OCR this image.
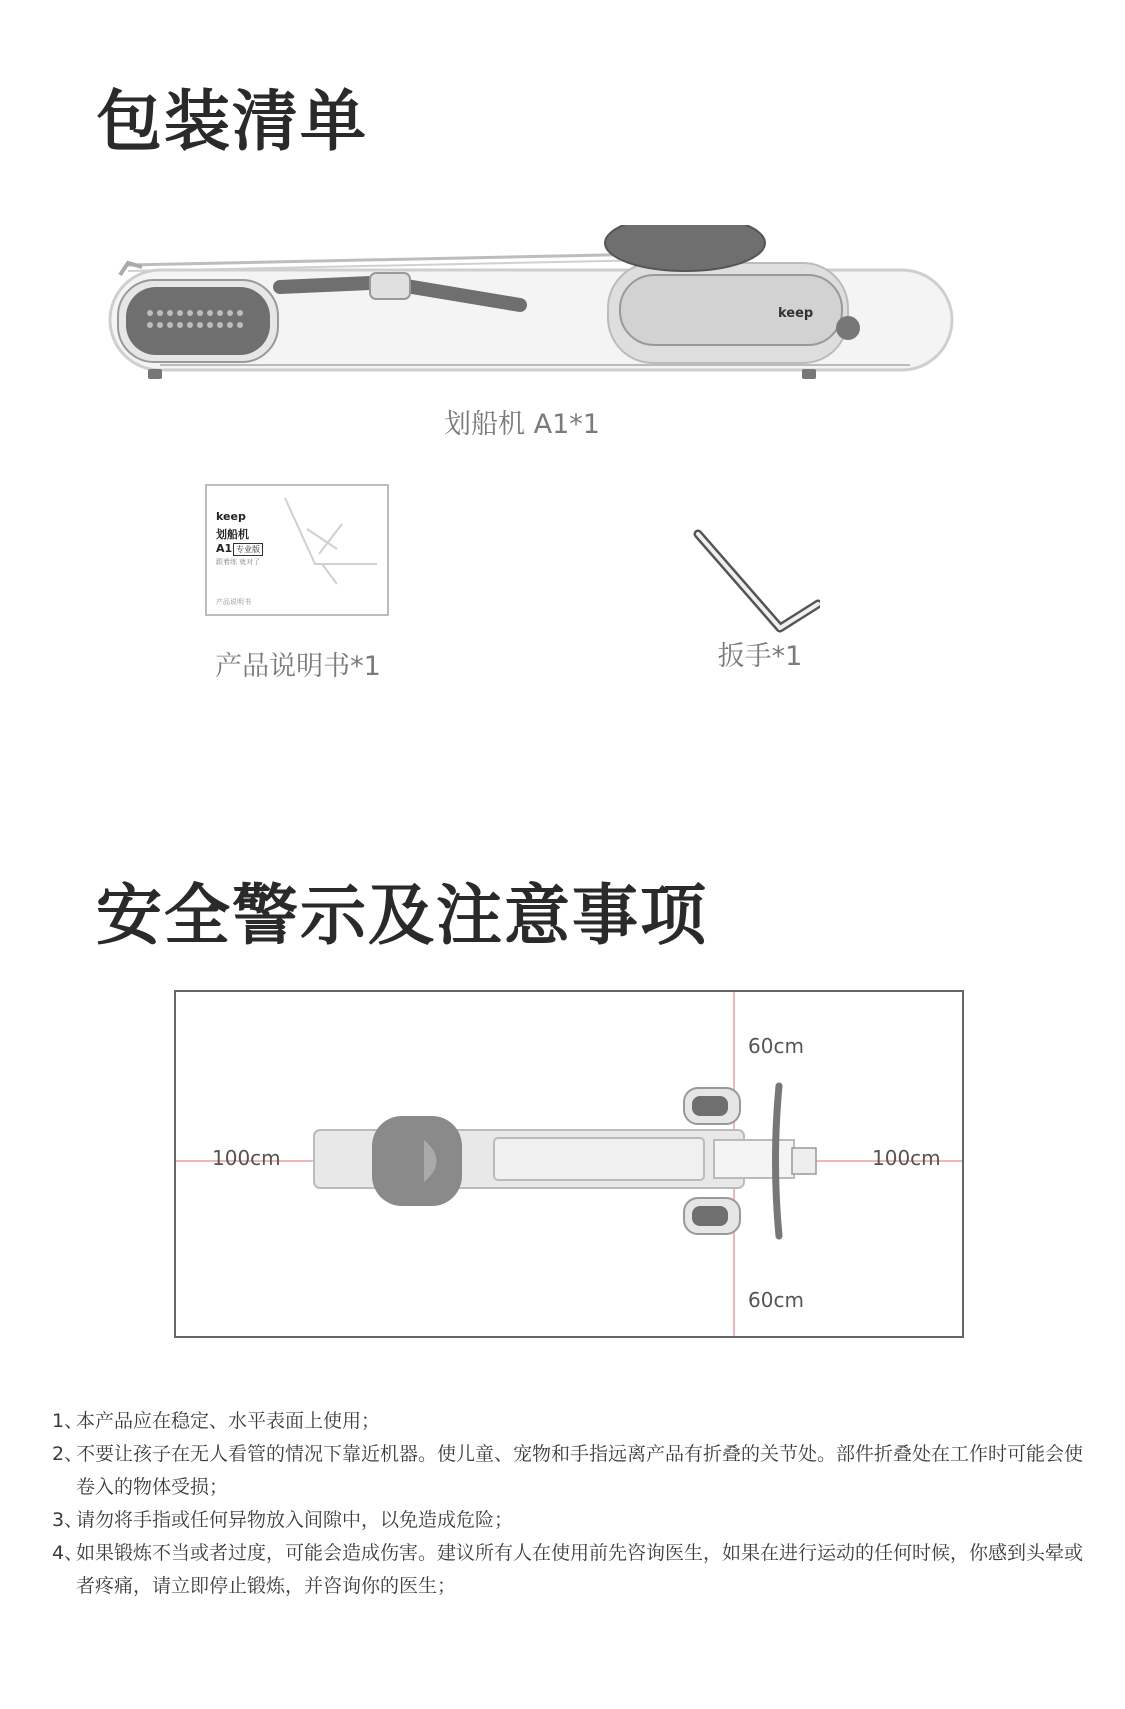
包装清单
keep
划船机 A1*1
keep
划船机
A1 专业版
跟着练 就对了
产品说明书
产品说明书*1	扳手*1
安全警示及注意事项
60cm
60cm
100cm	100cm
1、
本产品应在稳定、水平表面上使用；
2、
不要让孩子在无人看管的情况下靠近机器。使儿童、宠物和手指远离产品有折叠的关节处。部件折叠处在工作时可能会使卷入的物体受损；
3、
请勿将手指或任何异物放入间隙中，以免造成危险；
4、
如果锻炼不当或者过度，可能会造成伤害。建议所有人在使用前先咨询医生，如果在进行运动的任何时候，你感到头晕或者疼痛，请立即停止锻炼，并咨询你的医生；
